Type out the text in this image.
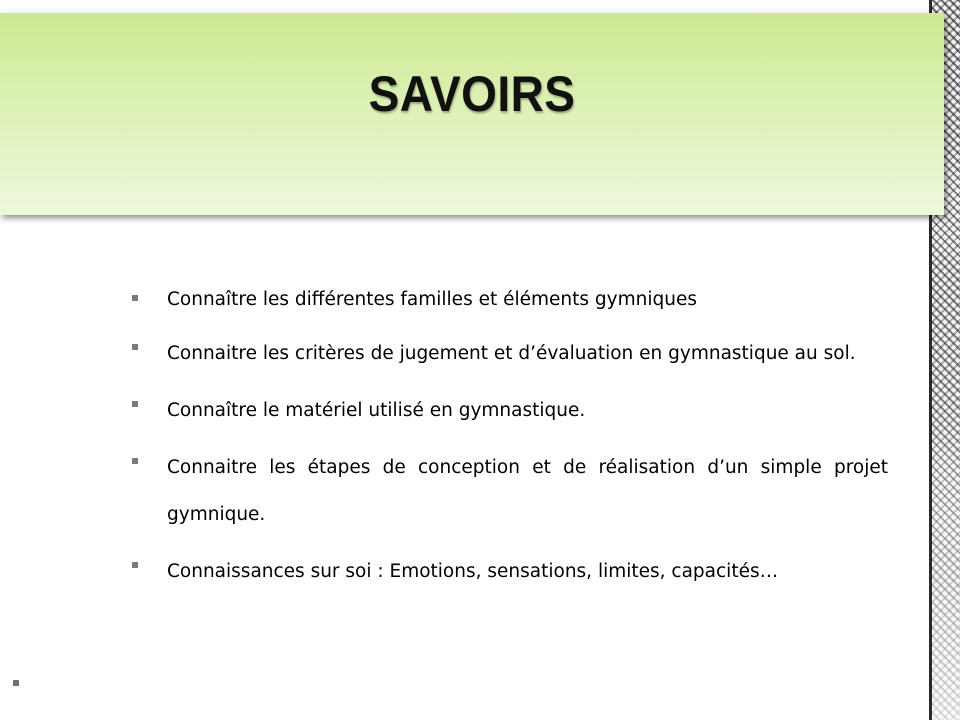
SAVOIRS
Connaître les différentes familles et éléments gymniques
Connaitre les critères de jugement et d’évaluation en gymnastique au sol.
Connaître le matériel utilisé en gymnastique.
Connaitre les étapes de conception et de réalisation d’un simple projet gymnique.
Connaissances sur soi : Emotions, sensations, limites, capacités…
